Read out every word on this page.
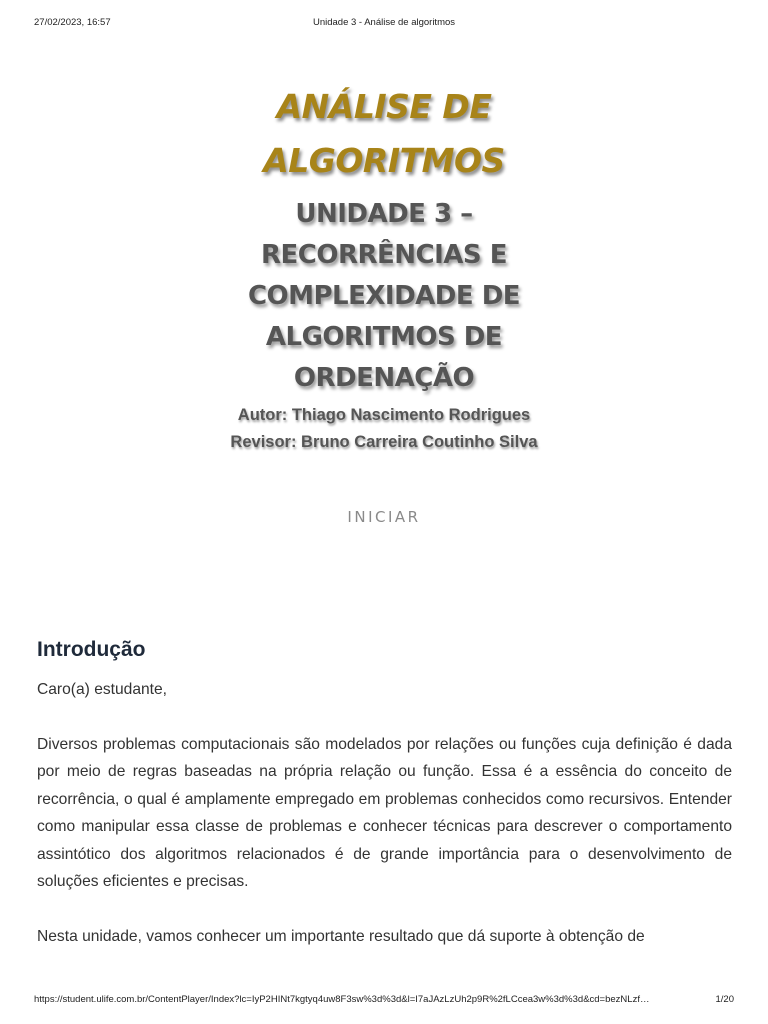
27/02/2023, 16:57	Unidade 3 - Análise de algoritmos
ANÁLISE DE
ALGORITMOS
UNIDADE 3 – RECORRÊNCIAS E COMPLEXIDADE DE ALGORITMOS DE ORDENAÇÃO
Autor: Thiago Nascimento Rodrigues
Revisor: Bruno Carreira Coutinho Silva
INICIAR
Introdução

Caro(a) estudante,

Diversos problemas computacionais são modelados por relações ou funções cuja definição é dada por meio de regras baseadas na própria relação ou função. Essa é a essência do conceito de recorrência, o qual é amplamente empregado em problemas conhecidos como recursivos. Entender como manipular essa classe de problemas e conhecer técnicas para descrever o comportamento assintótico dos algoritmos relacionados é de grande importância para o desenvolvimento de soluções eficientes e precisas.

Nesta unidade, vamos conhecer um importante resultado que dá suporte à obtenção de

https://student.ulife.com.br/ContentPlayer/Index?lc=IyP2HINt7kgtyq4uw8F3sw%3d%3d&l=I7aJAzLzUh2p9R%2fLCcea3w%3d%3d&cd=bezNLzf…	1/20
